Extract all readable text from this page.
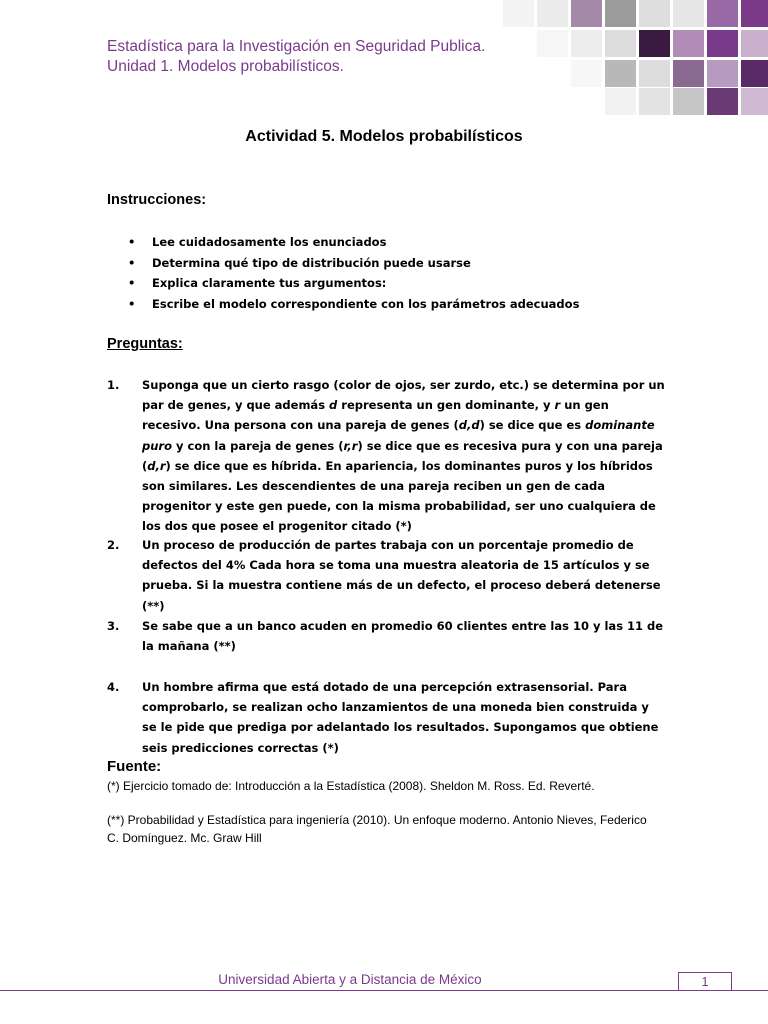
Estadística para la Investigación en Seguridad Publica.
Unidad 1. Modelos probabilísticos.
Actividad 5. Modelos probabilísticos
Instrucciones:
• Lee cuidadosamente los enunciados
• Determina qué tipo de distribución puede usarse
• Explica claramente tus argumentos:
• Escribe el modelo correspondiente con los parámetros adecuados
Preguntas:
1. Suponga que un cierto rasgo (color de ojos, ser zurdo, etc.) se determina por un par de genes, y que además d representa un gen dominante, y r un gen recesivo. Una persona con una pareja de genes (d,d) se dice que es dominante puro y con la pareja de genes (r,r) se dice que es recesiva pura y con una pareja (d,r) se dice que es híbrida. En apariencia, los dominantes puros y los híbridos son similares. Les descendientes de una pareja reciben un gen de cada progenitor y este gen puede, con la misma probabilidad, ser uno cualquiera de los dos que posee el progenitor citado (*)
2. Un proceso de producción de partes trabaja con un porcentaje promedio de defectos del 4% Cada hora se toma una muestra aleatoria de 15 artículos y se prueba. Si la muestra contiene más de un defecto, el proceso deberá detenerse (**)
3. Se sabe que a un banco acuden en promedio 60 clientes entre las 10 y las 11 de la mañana (**)
4. Un hombre afirma que está dotado de una percepción extrasensorial. Para comprobarlo, se realizan ocho lanzamientos de una moneda bien construida y se le pide que prediga por adelantado los resultados. Supongamos que obtiene seis predicciones correctas (*)
Fuente:
(*) Ejercicio tomado de: Introducción a la Estadística (2008). Sheldon M. Ross. Ed. Reverté.
(**) Probabilidad y Estadística para ingeniería (2010). Un enfoque moderno. Antonio Nieves, Federico C. Domínguez. Mc. Graw Hill
Universidad Abierta y a Distancia de México	1
